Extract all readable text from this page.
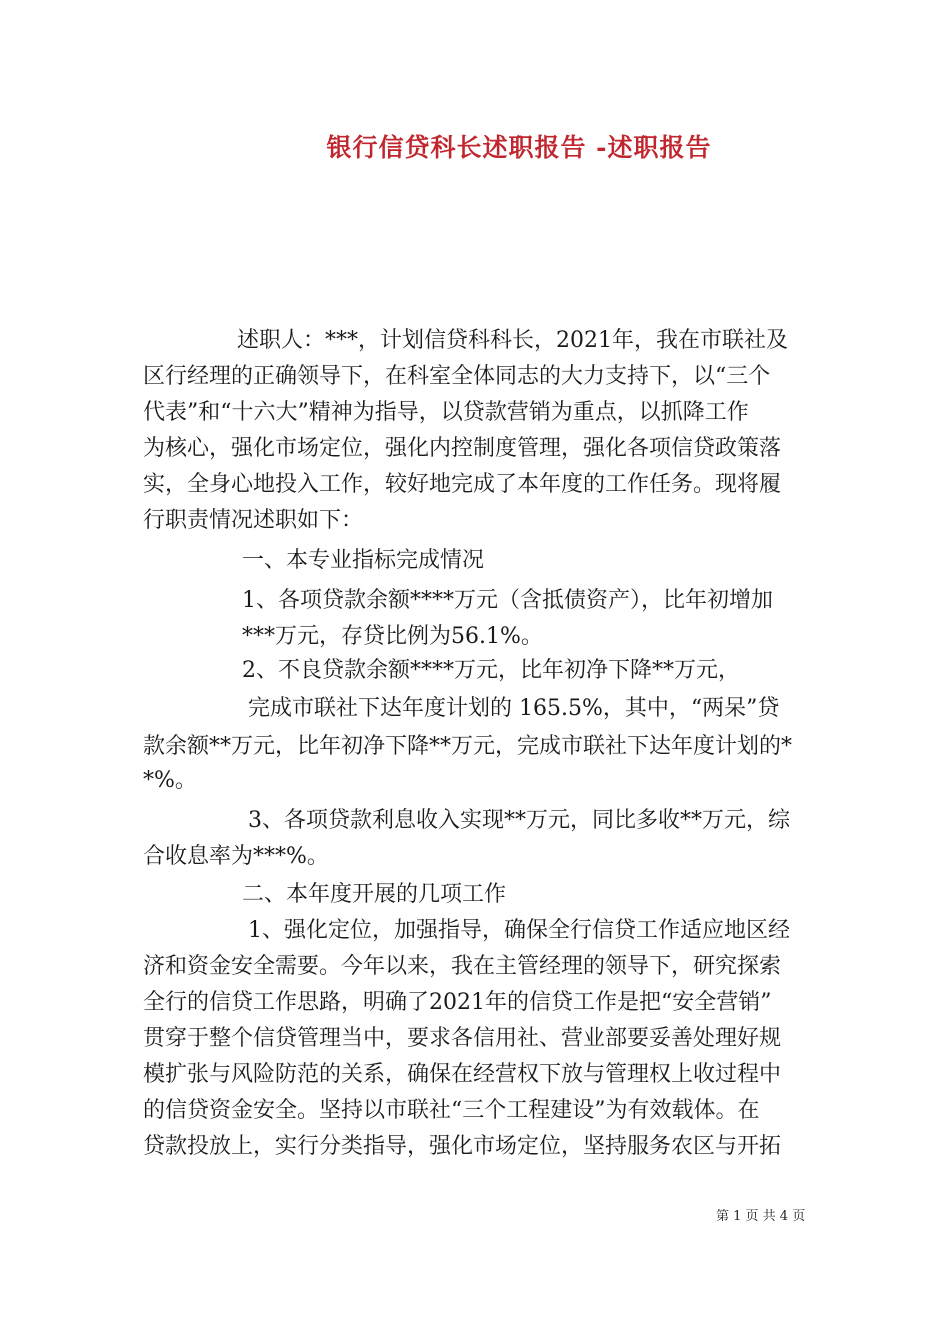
银行信贷科长述职报告 -述职报告
述职人：***，计划信贷科科长，2021年，我在市联社及
区行经理的正确领导下，在科室全体同志的大力支持下，以“三个
代表”和“十六大”精神为指导，以贷款营销为重点，以抓降工作
为核心，强化市场定位，强化内控制度管理，强化各项信贷政策落
实，全身心地投入工作，较好地完成了本年度的工作任务。现将履
行职责情况述职如下：
一、本专业指标完成情况
1、各项贷款余额****万元（含抵债资产），比年初增加
***万元，存贷比例为56.1%。
2、不良贷款余额****万元，比年初净下降**万元，
完成市联社下达年度计划的 165.5%，其中，“两呆”贷
款余额**万元，比年初净下降**万元，完成市联社下达年度计划的*
*%。
3、各项贷款利息收入实现**万元，同比多收**万元，综
合收息率为***%。
二、本年度开展的几项工作
1、强化定位，加强指导，确保全行信贷工作适应地区经
济和资金安全需要。今年以来，我在主管经理的领导下，研究探索
全行的信贷工作思路，明确了2021年的信贷工作是把“安全营销”
贯穿于整个信贷管理当中，要求各信用社、营业部要妥善处理好规
模扩张与风险防范的关系，确保在经营权下放与管理权上收过程中
的信贷资金安全。坚持以市联社“三个工程建设”为有效载体。在
贷款投放上，实行分类指导，强化市场定位，坚持服务农区与开拓
第 1 页 共 4 页
